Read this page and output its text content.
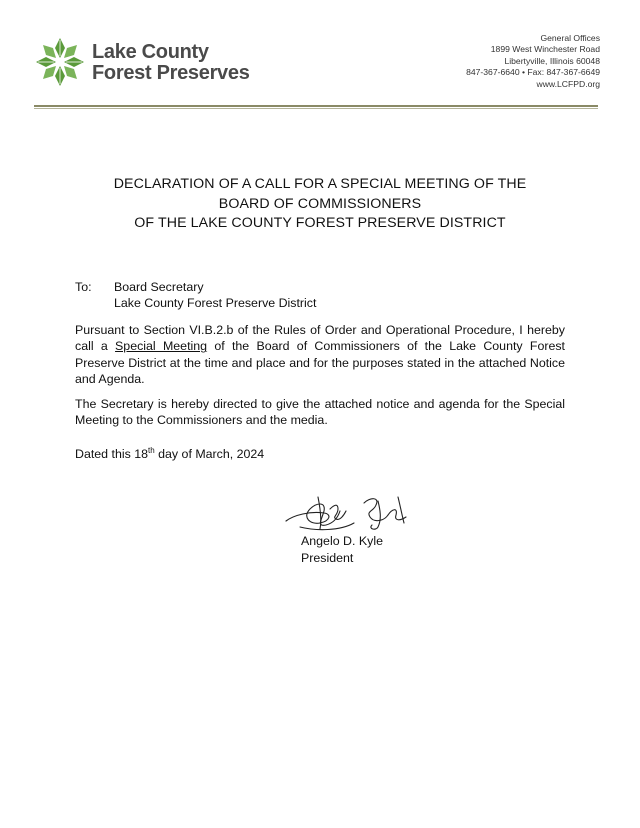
Lake County
Forest Preserves
General Offices
1899 West Winchester Road
Libertyville, Illinois 60048
847-367-6640 • Fax: 847-367-6649
www.LCFPD.org
DECLARATION OF A CALL FOR A SPECIAL MEETING OF THE
BOARD OF COMMISSIONERS
OF THE LAKE COUNTY FOREST PRESERVE DISTRICT
To: Board Secretary
Lake County Forest Preserve District

Pursuant to Section VI.B.2.b of the Rules of Order and Operational Procedure, I hereby call a Special Meeting of the Board of Commissioners of the Lake County Forest Preserve District at the time and place and for the purposes stated in the attached Notice and Agenda.

The Secretary is hereby directed to give the attached notice and agenda for the Special Meeting to the Commissioners and the media.

Dated this 18th day of March, 2024
Angelo D. Kyle
President
